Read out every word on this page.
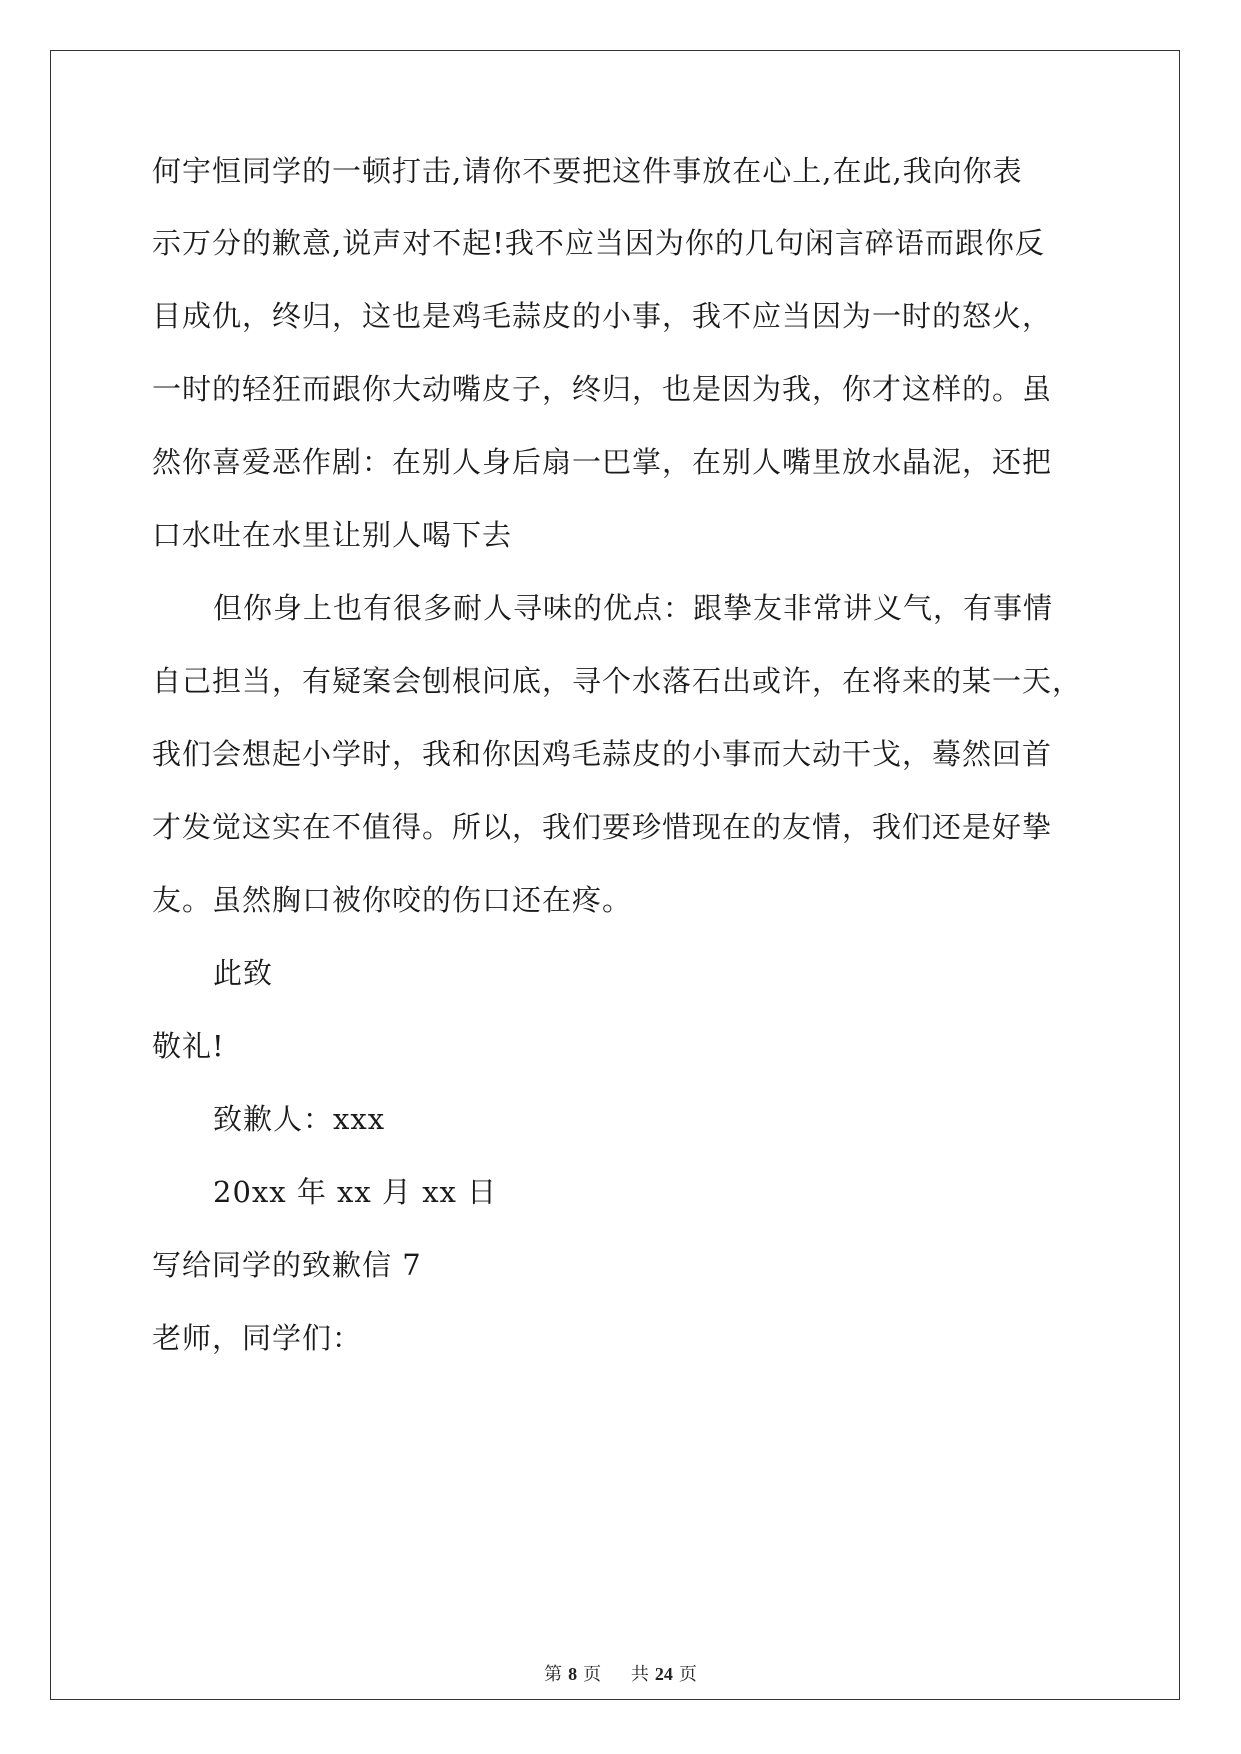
何宇恒同学的一顿打击,请你不要把这件事放在心上,在此,我向你表
示万分的歉意,说声对不起!我不应当因为你的几句闲言碎语而跟你反
目成仇，终归，这也是鸡毛蒜皮的小事，我不应当因为一时的怒火，
一时的轻狂而跟你大动嘴皮子，终归，也是因为我，你才这样的。虽
然你喜爱恶作剧：在别人身后扇一巴掌，在别人嘴里放水晶泥，还把
口水吐在水里让别人喝下去
但你身上也有很多耐人寻味的优点：跟挚友非常讲义气，有事情
自己担当，有疑案会刨根问底，寻个水落石出或许，在将来的某一天，
我们会想起小学时，我和你因鸡毛蒜皮的小事而大动干戈，蓦然回首
才发觉这实在不值得。所以，我们要珍惜现在的友情，我们还是好挚
友。虽然胸口被你咬的伤口还在疼。
此致
敬礼!
致歉人：xxx
20xx 年 xx 月 xx 日
写给同学的致歉信 7
老师，同学们：
第 8 页 共 24 页
